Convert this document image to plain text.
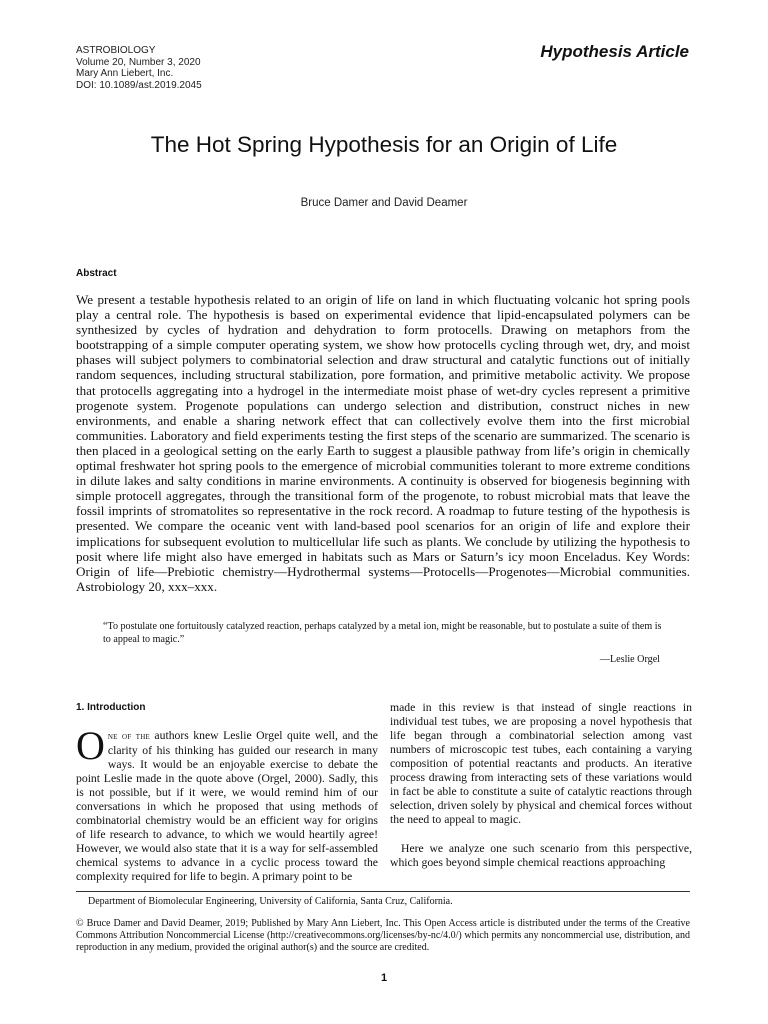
ASTROBIOLOGY
Volume 20, Number 3, 2020
Mary Ann Liebert, Inc.
DOI: 10.1089/ast.2019.2045
Hypothesis Article
The Hot Spring Hypothesis for an Origin of Life
Bruce Damer and David Deamer
Abstract
We present a testable hypothesis related to an origin of life on land in which fluctuating volcanic hot spring pools play a central role. The hypothesis is based on experimental evidence that lipid-encapsulated polymers can be synthesized by cycles of hydration and dehydration to form protocells. Drawing on metaphors from the bootstrapping of a simple computer operating system, we show how protocells cycling through wet, dry, and moist phases will subject polymers to combinatorial selection and draw structural and catalytic functions out of initially random sequences, including structural stabilization, pore formation, and primitive metabolic activity. We propose that protocells aggregating into a hydrogel in the intermediate moist phase of wet-dry cycles represent a primitive progenote system. Progenote populations can undergo selection and distribution, construct niches in new environments, and enable a sharing network effect that can collectively evolve them into the first microbial communities. Laboratory and field experiments testing the first steps of the scenario are summarized. The scenario is then placed in a geological setting on the early Earth to suggest a plausible pathway from life’s origin in chemically optimal freshwater hot spring pools to the emergence of microbial communities tolerant to more extreme conditions in dilute lakes and salty conditions in marine environments. A continuity is observed for biogenesis beginning with simple protocell aggregates, through the transitional form of the progenote, to robust microbial mats that leave the fossil imprints of stromatolites so representative in the rock record. A roadmap to future testing of the hypothesis is presented. We compare the oceanic vent with land-based pool scenarios for an origin of life and explore their implications for subsequent evolution to multicellular life such as plants. We conclude by utilizing the hypothesis to posit where life might also have emerged in habitats such as Mars or Saturn’s icy moon Enceladus. Key Words: Origin of life—Prebiotic chemistry—Hydrothermal systems—Protocells—Progenotes—Microbial communities. Astrobiology 20, xxx–xxx.
“To postulate one fortuitously catalyzed reaction, perhaps catalyzed by a metal ion, might be reasonable, but to postulate a suite of them is to appeal to magic.”
—Leslie Orgel
1. Introduction

One of the authors knew Leslie Orgel quite well, and the clarity of his thinking has guided our research in many ways. It would be an enjoyable exercise to debate the point Leslie made in the quote above (Orgel, 2000). Sadly, this is not possible, but if it were, we would remind him of our conversations in which he proposed that using methods of combinatorial chemistry would be an efficient way for origins of life research to advance, to which we would heartily agree! However, we would also state that it is a way for self-assembled chemical systems to advance in a cyclic process toward the complexity required for life to begin. A primary point to be

made in this review is that instead of single reactions in individual test tubes, we are proposing a novel hypothesis that life began through a combinatorial selection among vast numbers of microscopic test tubes, each containing a varying composition of potential reactants and products. An iterative process drawing from interacting sets of these variations would in fact be able to constitute a suite of catalytic reactions through selection, driven solely by physical and chemical forces without the need to appeal to magic.

Here we analyze one such scenario from this perspective, which goes beyond simple chemical reactions approaching

Department of Biomolecular Engineering, University of California, Santa Cruz, California.
© Bruce Damer and David Deamer, 2019; Published by Mary Ann Liebert, Inc. This Open Access article is distributed under the terms of the Creative Commons Attribution Noncommercial License (http://creativecommons.org/licenses/by-nc/4.0/) which permits any noncommercial use, distribution, and reproduction in any medium, provided the original author(s) and the source are credited.
1
